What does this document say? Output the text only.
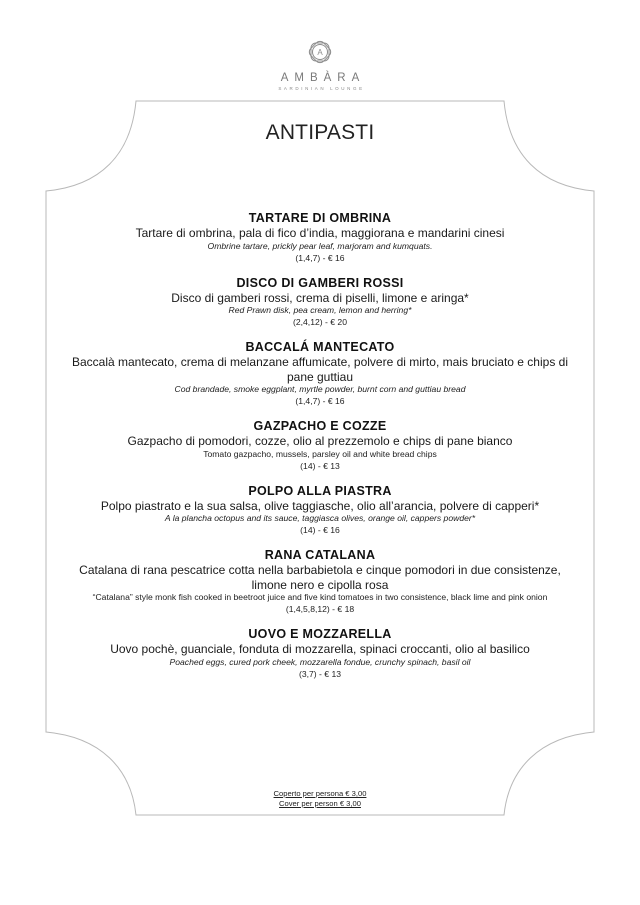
A
AMBÀRA
SARDINIAN LOUNGE
ANTIPASTI
TARTARE DI OMBRINA
Tartare di ombrina, pala di fico d’india, maggiorana e mandarini cinesi
Ombrine tartare, prickly pear leaf, marjoram and kumquats.
(1,4,7) - € 16
DISCO DI GAMBERI ROSSI
Disco di gamberi rossi, crema di piselli, limone e aringa*
Red Prawn disk, pea cream, lemon and herring*
(2,4,12) - € 20
BACCALÁ MANTECATO
Baccalà mantecato, crema di melanzane affumicate, polvere di mirto, mais bruciato e chips di pane guttiau
Cod brandade, smoke eggplant, myrtle powder, burnt corn and guttiau bread
(1,4,7) - € 16
GAZPACHO E COZZE
Gazpacho di pomodori, cozze, olio al prezzemolo e chips di pane bianco
Tomato gazpacho, mussels, parsley oil and white bread chips
(14) - € 13
POLPO ALLA PIASTRA
Polpo piastrato e la sua salsa, olive taggiasche, olio all’arancia, polvere di capperi*
A la plancha octopus and its sauce, taggiasca olives, orange oil, cappers powder*
(14) - € 16
RANA CATALANA
Catalana di rana pescatrice cotta nella barbabietola e cinque pomodori in due consistenze, limone nero e cipolla rosa
“Catalana” style monk fish cooked in beetroot juice and five kind tomatoes in two consistence, black lime and pink onion
(1,4,5,8,12) - € 18
UOVO E MOZZARELLA
Uovo pochè, guanciale, fonduta di mozzarella, spinaci croccanti, olio al basilico
Poached eggs, cured pork cheek, mozzarella fondue, crunchy spinach, basil oil
(3,7) - € 13
Coperto per persona € 3,00
Cover per person € 3,00
